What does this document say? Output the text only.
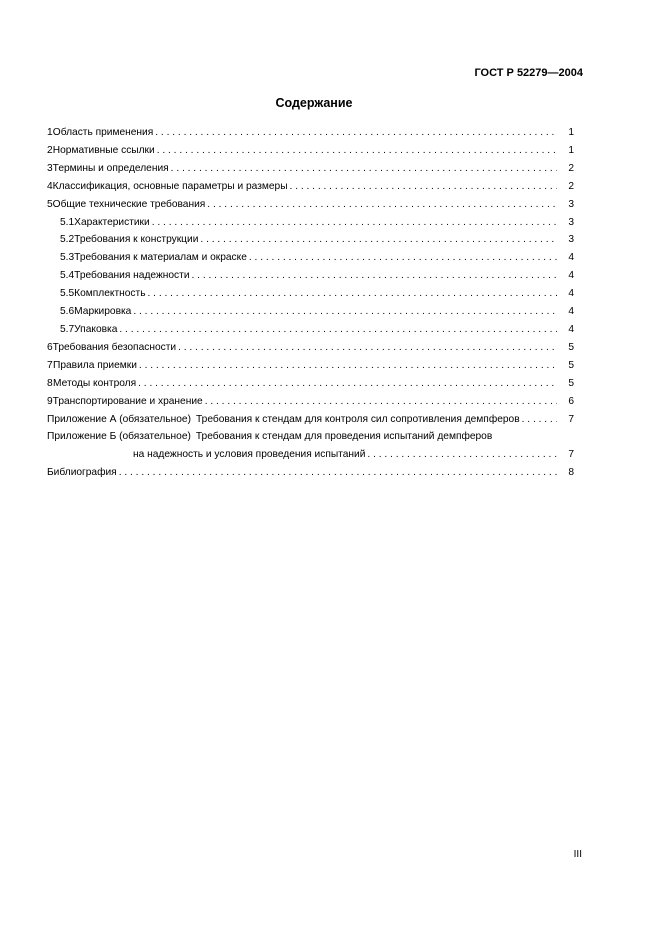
ГОСТ Р 52279—2004
Содержание
1 Область применения . . .	1
2 Нормативные ссылки . . .	1
3 Термины и определения . . .	2
4 Классификация, основные параметры и размеры . . .	2
5 Общие технические требования . . .	3
5.1 Характеристики . . .	3
5.2 Требования к конструкции . . .	3
5.3 Требования к материалам и окраске . . .	4
5.4 Требования надежности . . .	4
5.5 Комплектность . . .	4
5.6 Маркировка . . .	4
5.7 Упаковка . . .	4
6 Требования безопасности . . .	5
7 Правила приемки . . .	5
8 Методы контроля . . .	5
9 Транспортирование и хранение . . .	6
Приложение А (обязательное) Требования к стендам для контроля сил сопротивления демпферов . . .	7
Приложение Б (обязательное) Требования к стендам для проведения испытаний демпферов
на надежность и условия проведения испытаний . . .	7
Библиография . . .	8
III
